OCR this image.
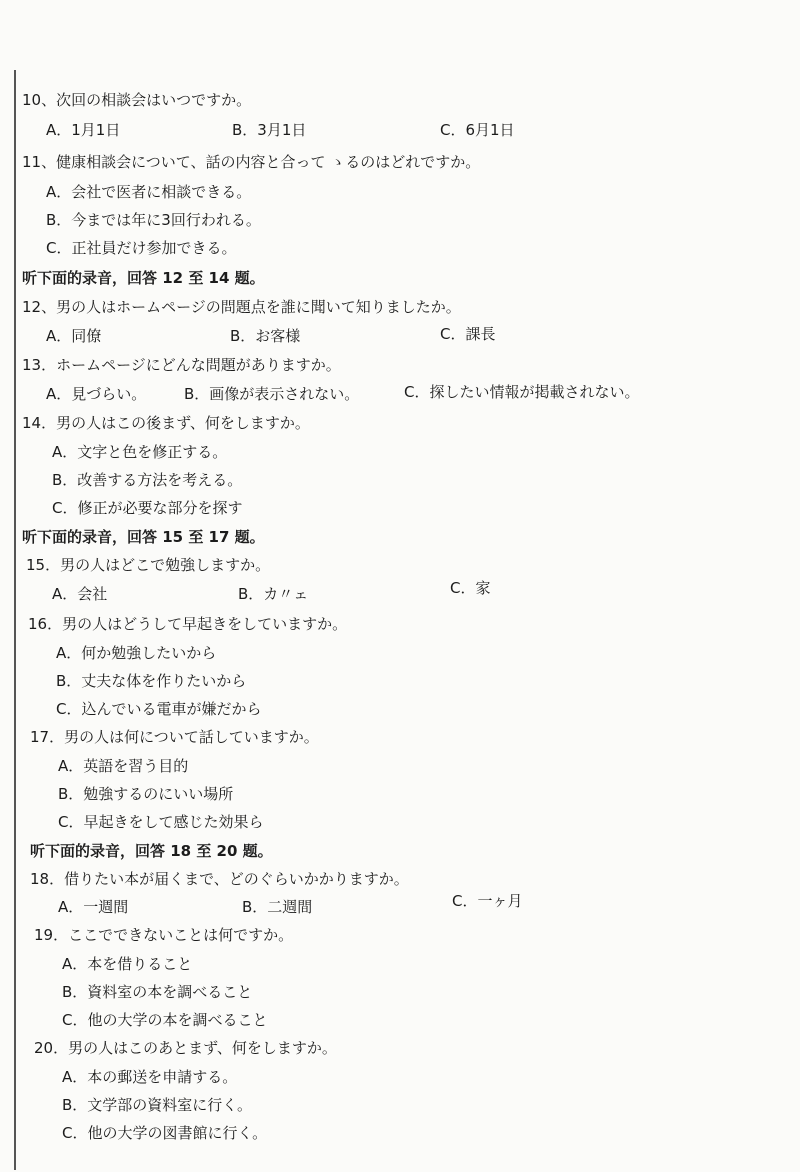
10、次回の相談会はいつですか。
A．1月1日	B．3月1日	C．6月1日
11、健康相談会について、話の内容と合って ゝるのはどれですか。
A．会社で医者に相談できる。
B．今までは年に3回行われる。
C．正社員だけ参加できる。
听下面的录音，回答 12 至 14 题。
12、男の人はホームページの問題点を誰に聞いて知りましたか。
A．同僚	B．お客様	C．課長
13．ホームページにどんな問題がありますか。
A．見づらい。	B．画像が表示されない。	C．探したい情報が掲載されない。
14．男の人はこの後まず、何をしますか。
A．文字と色を修正する。
B．改善する方法を考える。
C．修正が必要な部分を探す
听下面的录音，回答 15 至 17 题。
15．男の人はどこで勉強しますか。
A．会社	B．カ〃ェ	C．家
16．男の人はどうして早起きをしていますか。
A．何か勉強したいから
B．丈夫な体を作りたいから
C．込んでいる電車が嫌だから
17．男の人は何について話していますか。
A．英語を習う目的
B．勉強するのにいい場所
C．早起きをして感じた効果ら
听下面的录音，回答 18 至 20 题。
18．借りたい本が届くまで、どのぐらいかかりますか。
A．一週間	B．二週間	C．一ヶ月
19．ここでできないことは何ですか。
A．本を借りること
B．資料室の本を調べること
C．他の大学の本を調べること
20．男の人はこのあとまず、何をしますか。
A．本の郵送を申請する。
B．文学部の資料室に行く。
C．他の大学の図書館に行く。
